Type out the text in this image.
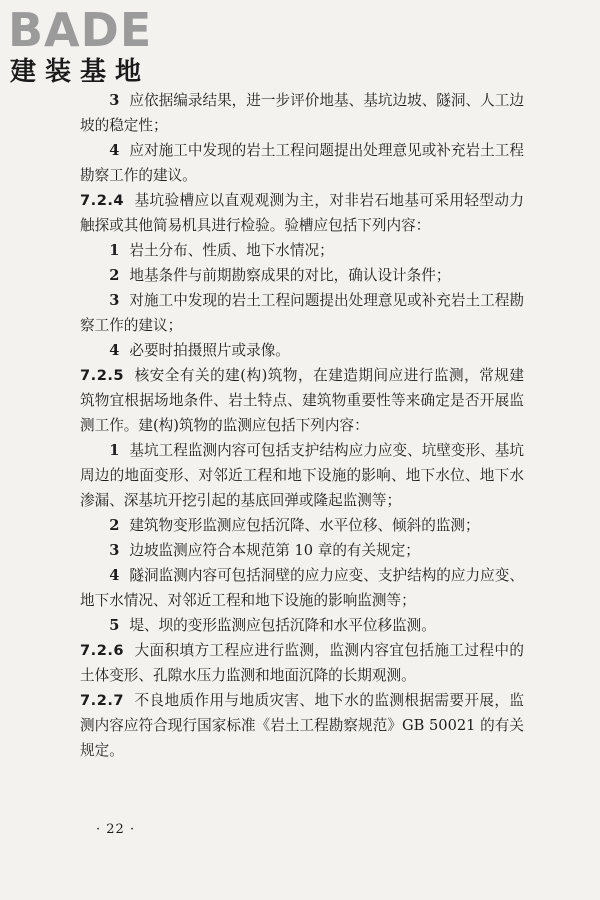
BADE
建装基地

3 应依据编录结果，进一步评价地基、基坑边坡、隧洞、人工边坡的稳定性；

4 应对施工中发现的岩土工程问题提出处理意见或补充岩土工程勘察工作的建议。

7.2.4 基坑验槽应以直观观测为主，对非岩石地基可采用轻型动力触探或其他简易机具进行检验。验槽应包括下列内容：

1 岩土分布、性质、地下水情况；

2 地基条件与前期勘察成果的对比，确认设计条件；

3 对施工中发现的岩土工程问题提出处理意见或补充岩土工程勘察工作的建议；

4 必要时拍摄照片或录像。

7.2.5 核安全有关的建(构)筑物，在建造期间应进行监测，常规建筑物宜根据场地条件、岩土特点、建筑物重要性等来确定是否开展监测工作。建(构)筑物的监测应包括下列内容：

1 基坑工程监测内容可包括支护结构应力应变、坑壁变形、基坑周边的地面变形、对邻近工程和地下设施的影响、地下水位、地下水渗漏、深基坑开挖引起的基底回弹或隆起监测等；

2 建筑物变形监测应包括沉降、水平位移、倾斜的监测；

3 边坡监测应符合本规范第 10 章的有关规定；

4 隧洞监测内容可包括洞壁的应力应变、支护结构的应力应变、地下水情况、对邻近工程和地下设施的影响监测等；

5 堤、坝的变形监测应包括沉降和水平位移监测。

7.2.6 大面积填方工程应进行监测，监测内容宜包括施工过程中的土体变形、孔隙水压力监测和地面沉降的长期观测。

7.2.7 不良地质作用与地质灾害、地下水的监测根据需要开展，监测内容应符合现行国家标准《岩土工程勘察规范》GB 50021 的有关规定。

· 22 ·
